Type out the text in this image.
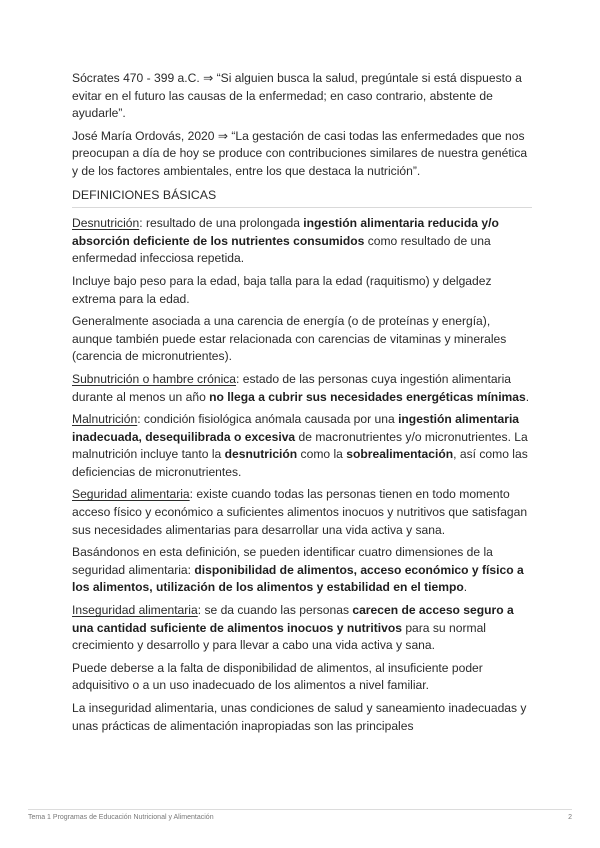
Sócrates 470 - 399 a.C. ⇒ “Si alguien busca la salud, pregúntale si está dispuesto a evitar en el futuro las causas de la enfermedad; en caso contrario, abstente de ayudarle”.

José María Ordovás, 2020 ⇒ “La gestación de casi todas las enfermedades que nos preocupan a día de hoy se produce con contribuciones similares de nuestra genética y de los factores ambientales, entre los que destaca la nutrición”.

DEFINICIONES BÁSICAS

Desnutrición: resultado de una prolongada ingestión alimentaria reducida y/o absorción deficiente de los nutrientes consumidos como resultado de una enfermedad infecciosa repetida.

Incluye bajo peso para la edad, baja talla para la edad (raquitismo) y delgadez extrema para la edad.

Generalmente asociada a una carencia de energía (o de proteínas y energía), aunque también puede estar relacionada con carencias de vitaminas y minerales (carencia de micronutrientes).

Subnutrición o hambre crónica: estado de las personas cuya ingestión alimentaria durante al menos un año no llega a cubrir sus necesidades energéticas mínimas.

Malnutrición: condición fisiológica anómala causada por una ingestión alimentaria inadecuada, desequilibrada o excesiva de macronutrientes y/o micronutrientes. La malnutrición incluye tanto la desnutrición como la sobrealimentación, así como las deficiencias de micronutrientes.

Seguridad alimentaria: existe cuando todas las personas tienen en todo momento acceso físico y económico a suficientes alimentos inocuos y nutritivos que satisfagan sus necesidades alimentarias para desarrollar una vida activa y sana.

Basándonos en esta definición, se pueden identificar cuatro dimensiones de la seguridad alimentaria: disponibilidad de alimentos, acceso económico y físico a los alimentos, utilización de los alimentos y estabilidad en el tiempo.

Inseguridad alimentaria: se da cuando las personas carecen de acceso seguro a una cantidad suficiente de alimentos inocuos y nutritivos para su normal crecimiento y desarrollo y para llevar a cabo una vida activa y sana.

Puede deberse a la falta de disponibilidad de alimentos, al insuficiente poder adquisitivo o a un uso inadecuado de los alimentos a nivel familiar.

La inseguridad alimentaria, unas condiciones de salud y saneamiento inadecuadas y unas prácticas de alimentación inapropiadas son las principales

Tema 1 Programas de Educación Nutricional y Alimentación	2
